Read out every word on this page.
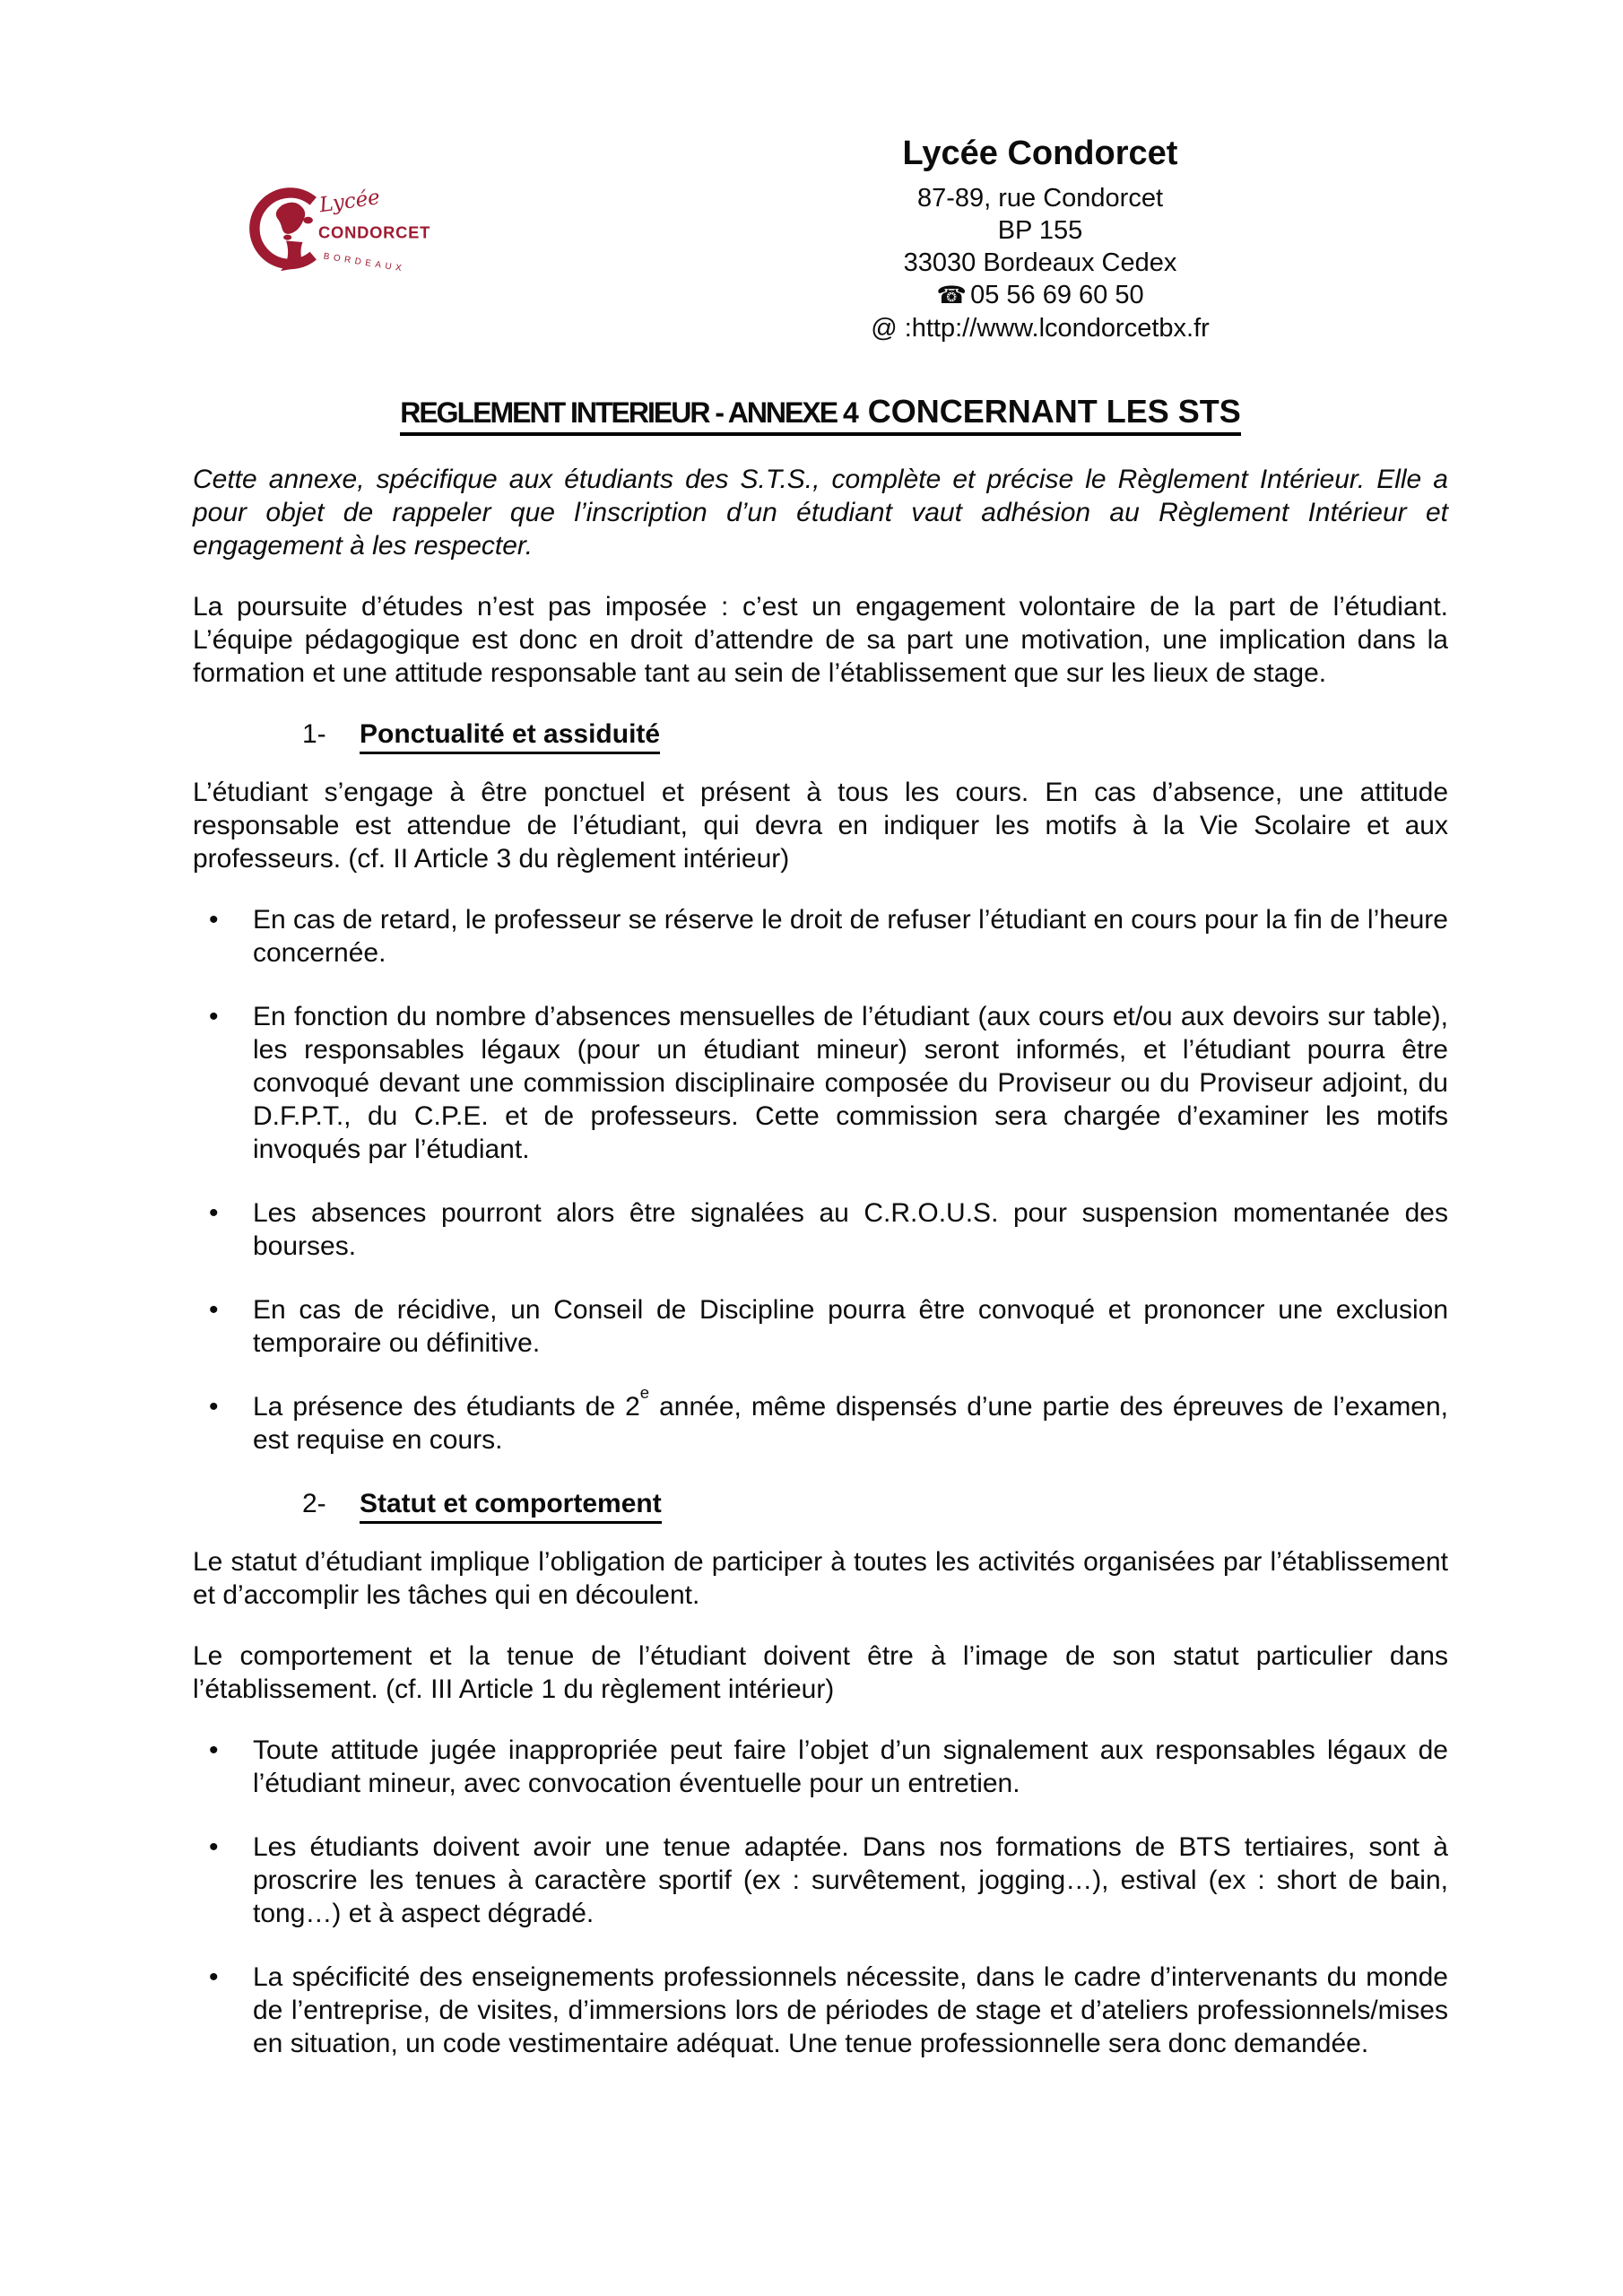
Lycée
CONDORCET
BORDEAUX
Lycée Condorcet
87-89, rue Condorcet
BP 155
33030 Bordeaux Cedex
☎ 05 56 69 60 50
@ :http://www.lcondorcetbx.fr
REGLEMENT INTERIEUR - ANNEXE 4 CONCERNANT LES STS

Cette annexe, spécifique aux étudiants des S.T.S., complète et précise le Règlement Intérieur. Elle a pour objet de rappeler que l’inscription d’un étudiant vaut adhésion au Règlement Intérieur et engagement à les respecter.

La poursuite d’études n’est pas imposée : c’est un engagement volontaire de la part de l’étudiant. L’équipe pédagogique est donc en droit d’attendre de sa part une motivation, une implication dans la formation et une attitude responsable tant au sein de l’établissement que sur les lieux de stage.

1- Ponctualité et assiduité

L’étudiant s’engage à être ponctuel et présent à tous les cours. En cas d’absence, une attitude responsable est attendue de l’étudiant, qui devra en indiquer les motifs à la Vie Scolaire et aux professeurs. (cf. II Article 3 du règlement intérieur)

•	En cas de retard, le professeur se réserve le droit de refuser l’étudiant en cours pour la fin de l’heure concernée.
•	En fonction du nombre d’absences mensuelles de l’étudiant (aux cours et/ou aux devoirs sur table), les responsables légaux (pour un étudiant mineur) seront informés, et l’étudiant pourra être convoqué devant une commission disciplinaire composée du Proviseur ou du Proviseur adjoint, du D.F.P.T., du C.P.E. et de professeurs. Cette commission sera chargée d’examiner les motifs invoqués par l’étudiant.
•	Les absences pourront alors être signalées au C.R.O.U.S. pour suspension momentanée des bourses.
•	En cas de récidive, un Conseil de Discipline pourra être convoqué et prononcer une exclusion temporaire ou définitive.
•	La présence des étudiants de 2e année, même dispensés d’une partie des épreuves de l’examen, est requise en cours.
2- Statut et comportement

Le statut d’étudiant implique l’obligation de participer à toutes les activités organisées par l’établissement et d’accomplir les tâches qui en découlent.

Le comportement et la tenue de l’étudiant doivent être à l’image de son statut particulier dans l’établissement. (cf. III Article 1 du règlement intérieur)

•	Toute attitude jugée inappropriée peut faire l’objet d’un signalement aux responsables légaux de l’étudiant mineur, avec convocation éventuelle pour un entretien.
•	Les étudiants doivent avoir une tenue adaptée. Dans nos formations de BTS tertiaires, sont à proscrire les tenues à caractère sportif (ex : survêtement, jogging…), estival (ex : short de bain, tong…) et à aspect dégradé.
•	La spécificité des enseignements professionnels nécessite, dans le cadre d’intervenants du monde de l’entreprise, de visites, d’immersions lors de périodes de stage et d’ateliers professionnels/mises en situation, un code vestimentaire adéquat. Une tenue professionnelle sera donc demandée.
